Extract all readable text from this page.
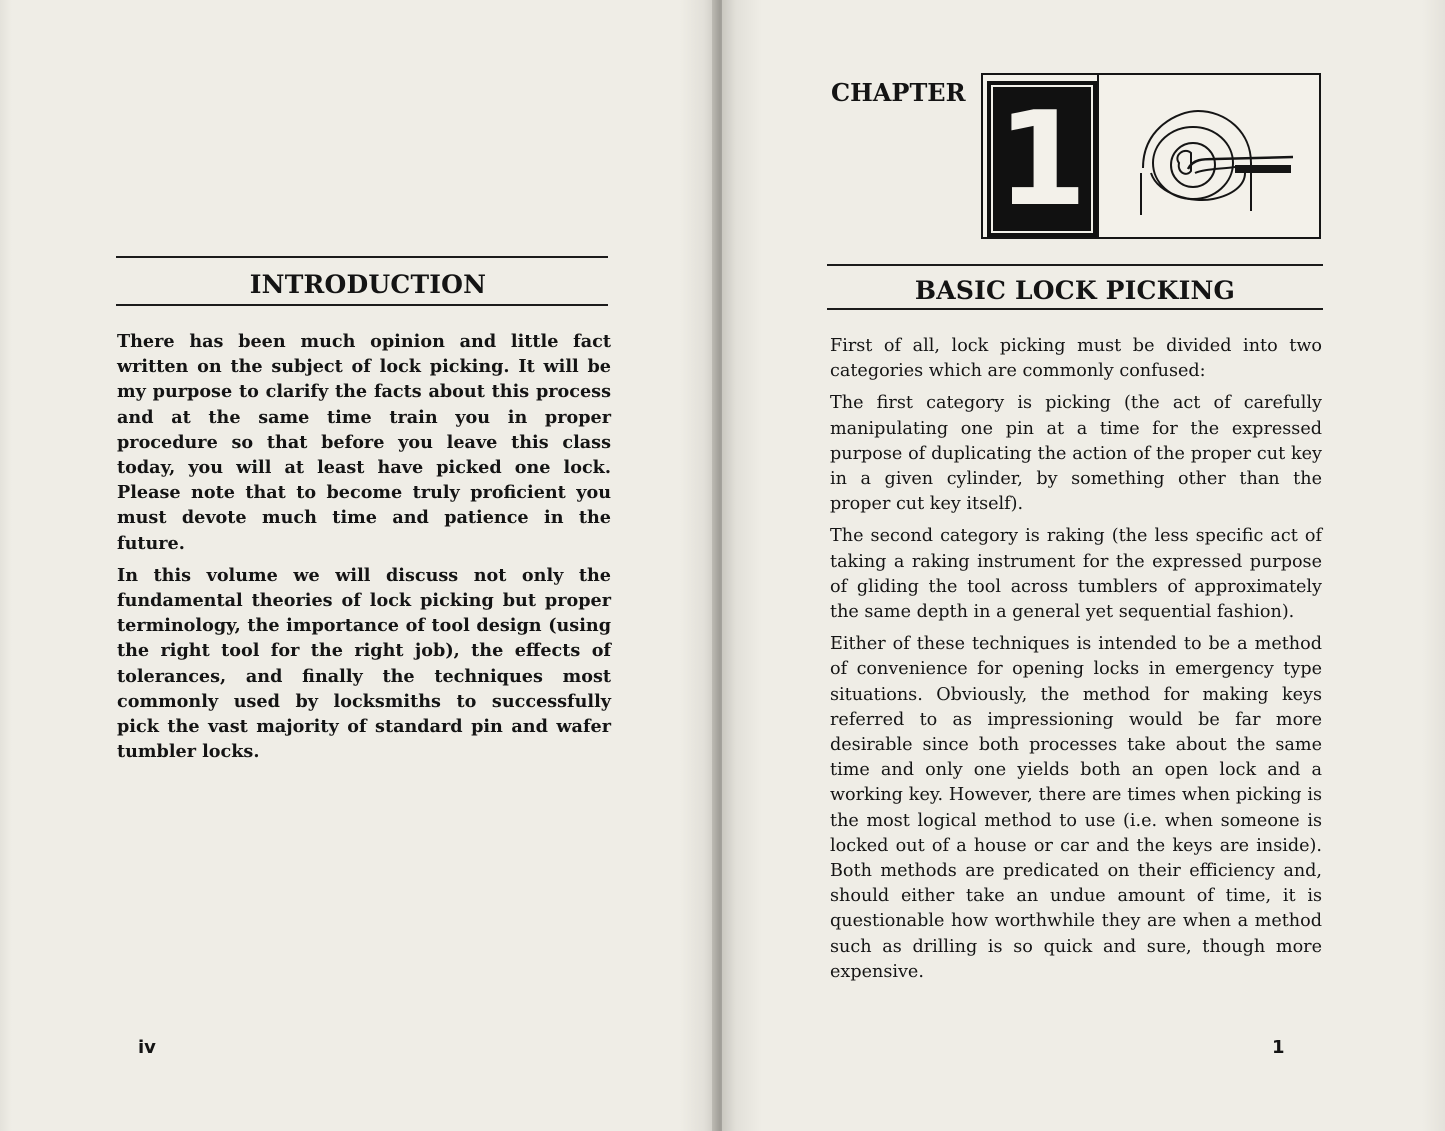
INTRODUCTION

There has been much opinion and little fact written on the subject of lock picking. It will be my purpose to clarify the facts about this process and at the same time train you in proper procedure so that before you leave this class today, you will at least have picked one lock. Please note that to become truly proficient you must devote much time and patience in the future.

In this volume we will discuss not only the fundamental theories of lock picking but proper terminology, the importance of tool design (using the right tool for the right job), the effects of tolerances, and finally the techniques most commonly used by locksmiths to successfully pick the vast majority of standard pin and wafer tumbler locks.

iv
CHAPTER 1
BASIC LOCK PICKING

First of all, lock picking must be divided into two categories which are commonly confused:

The first category is picking (the act of carefully manipulating one pin at a time for the expressed purpose of duplicating the action of the proper cut key in a given cylinder, by something other than the proper cut key itself).

The second category is raking (the less specific act of taking a raking instrument for the expressed purpose of gliding the tool across tumblers of approximately the same depth in a general yet sequential fashion).

Either of these techniques is intended to be a method of convenience for opening locks in emergency type situations. Obviously, the method for making keys referred to as impressioning would be far more desirable since both processes take about the same time and only one yields both an open lock and a working key. However, there are times when picking is the most logical method to use (i.e. when someone is locked out of a house or car and the keys are inside). Both methods are predicated on their efficiency and, should either take an undue amount of time, it is questionable how worthwhile they are when a method such as drilling is so quick and sure, though more expensive.

1
